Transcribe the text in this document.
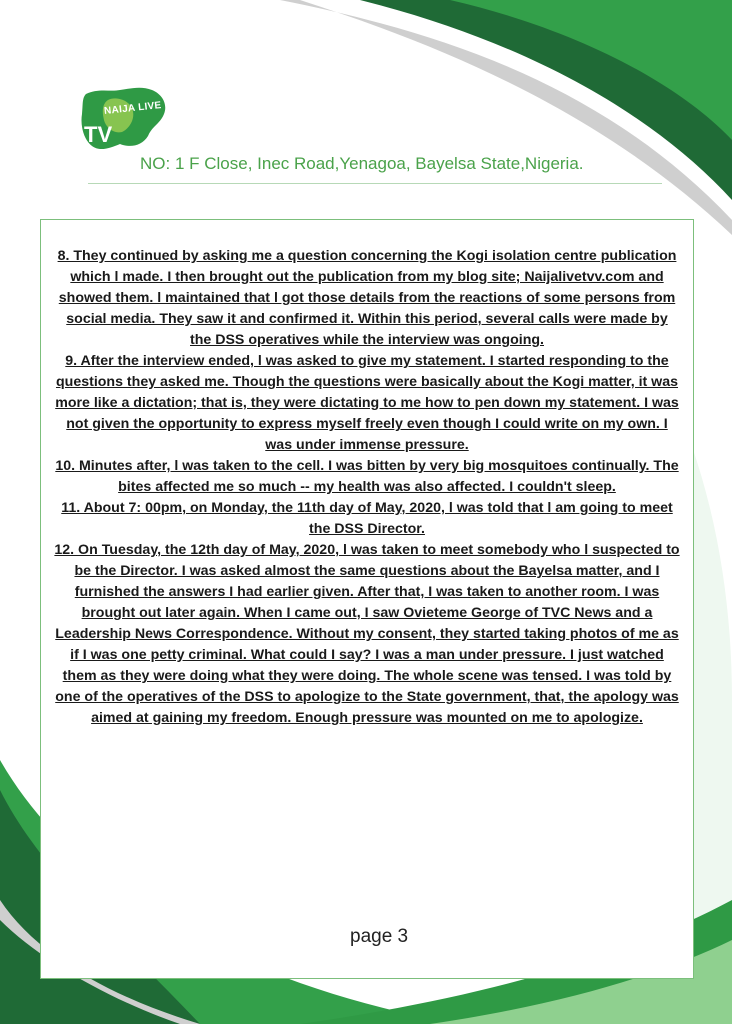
NAIJA LIVE
TV
NO: 1 F Close, Inec Road,Yenagoa, Bayelsa State,Nigeria.

8. They continued by asking me a question concerning the Kogi isolation centre publication which l made. I then brought out the publication from my blog site; Naijalivetvv.com and showed them. l maintained that l got those details from the reactions of some persons from social media. They saw it and confirmed it. Within this period, several calls were made by the DSS operatives while the interview was ongoing.

9. After the interview ended, l was asked to give my statement. I started responding to the questions they asked me. Though the questions were basically about the Kogi matter, it was more like a dictation; that is, they were dictating to me how to pen down my statement. I was not given the opportunity to express myself freely even though I could write on my own. I was under immense pressure.

10. Minutes after, l was taken to the cell. I was bitten by very big mosquitoes continually. The bites affected me so much -- my health was also affected. I couldn't sleep.

11. About 7: 00pm, on Monday, the 11th day of May, 2020, l was told that l am going to meet the DSS Director.

12. On Tuesday, the 12th day of May, 2020, l was taken to meet somebody who l suspected to be the Director. I was asked almost the same questions about the Bayelsa matter, and I furnished the answers I had earlier given. After that, I was taken to another room. I was brought out later again. When I came out, I saw Ovieteme George of TVC News and a Leadership News Correspondence. Without my consent, they started taking photos of me as if I was one petty criminal. What could I say? I was a man under pressure. I just watched them as they were doing what they were doing. The whole scene was tensed. I was told by one of the operatives of the DSS to apologize to the State government, that, the apology was aimed at gaining my freedom. Enough pressure was mounted on me to apologize.

page 3
